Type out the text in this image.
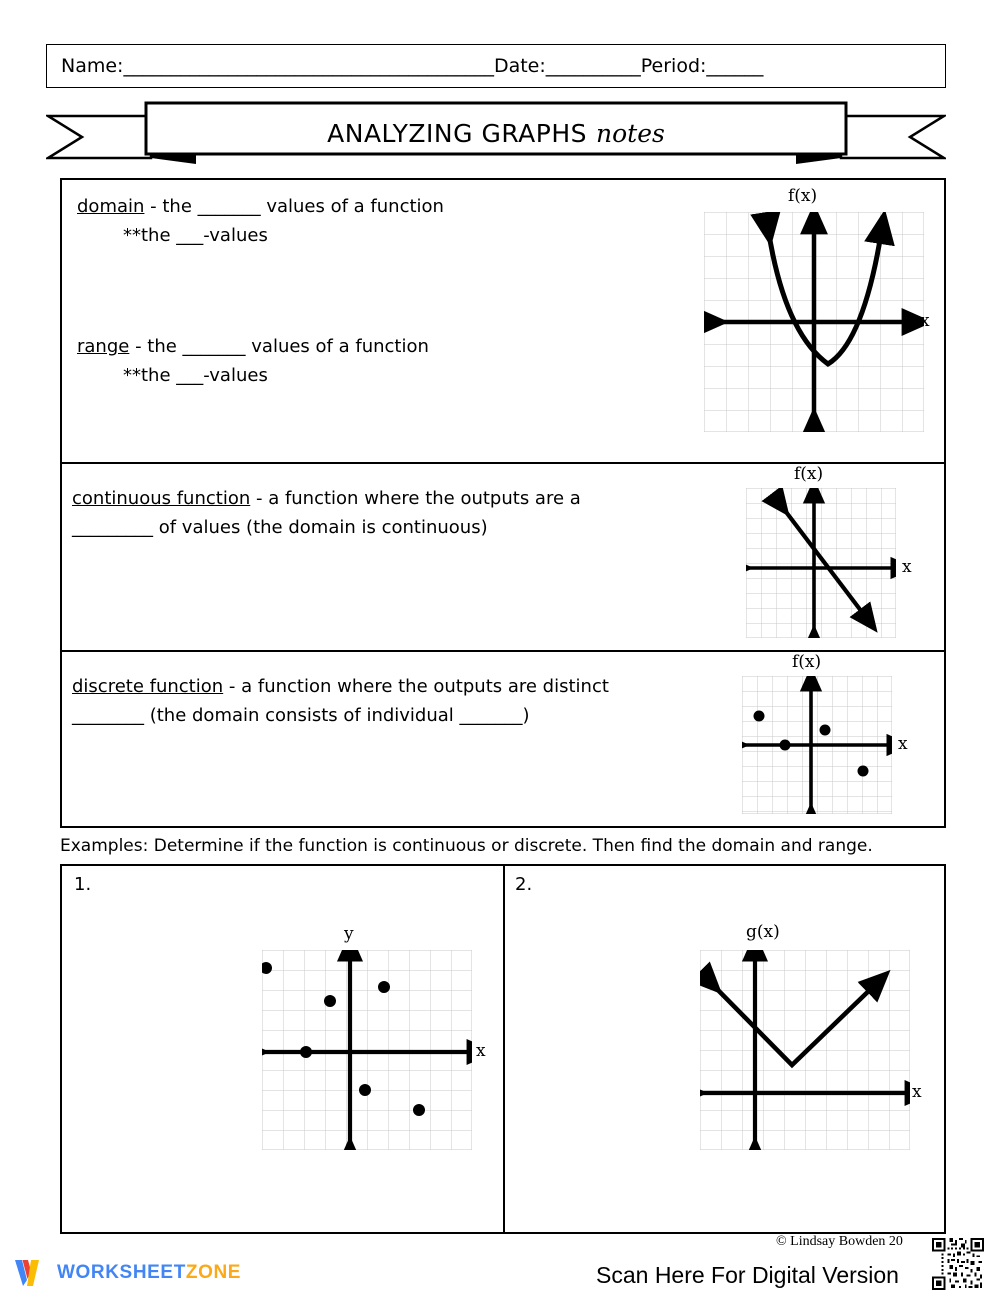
Name:_______________________________________Date:__________Period:______
ANALYZING GRAPHS notes
domain - the _______ values of a function
**the ___-values
range - the _______ values of a function
**the ___-values
continuous function - a function where the outputs are a
_________ of values (the domain is continuous)
discrete function - a function where the outputs are distinct
________ (the domain consists of individual _______)
f(x)
x
f(x)
x
f(x)
x
Examples: Determine if the function is continuous or discrete. Then find the domain and range.
1.	2.
y
x
g(x)
x
© Lindsay Bowden 20
WORKSHEETZONE	Scan Here For Digital Version
